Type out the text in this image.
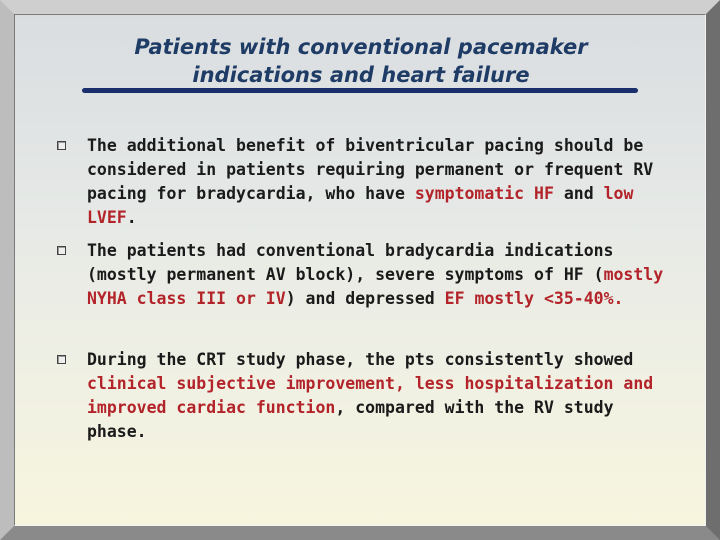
Patients with conventional pacemaker
indications and heart failure
The additional benefit of biventricular pacing should be considered in patients requiring permanent or frequent RV pacing for bradycardia, who have symptomatic HF and low LVEF.
The patients had conventional bradycardia indications (mostly permanent AV block), severe symptoms of HF (mostly NYHA class III or IV) and depressed EF mostly <35-40%.
During the CRT study phase, the pts consistently showed clinical subjective improvement, less hospitalization and improved cardiac function, compared with the RV study phase.
